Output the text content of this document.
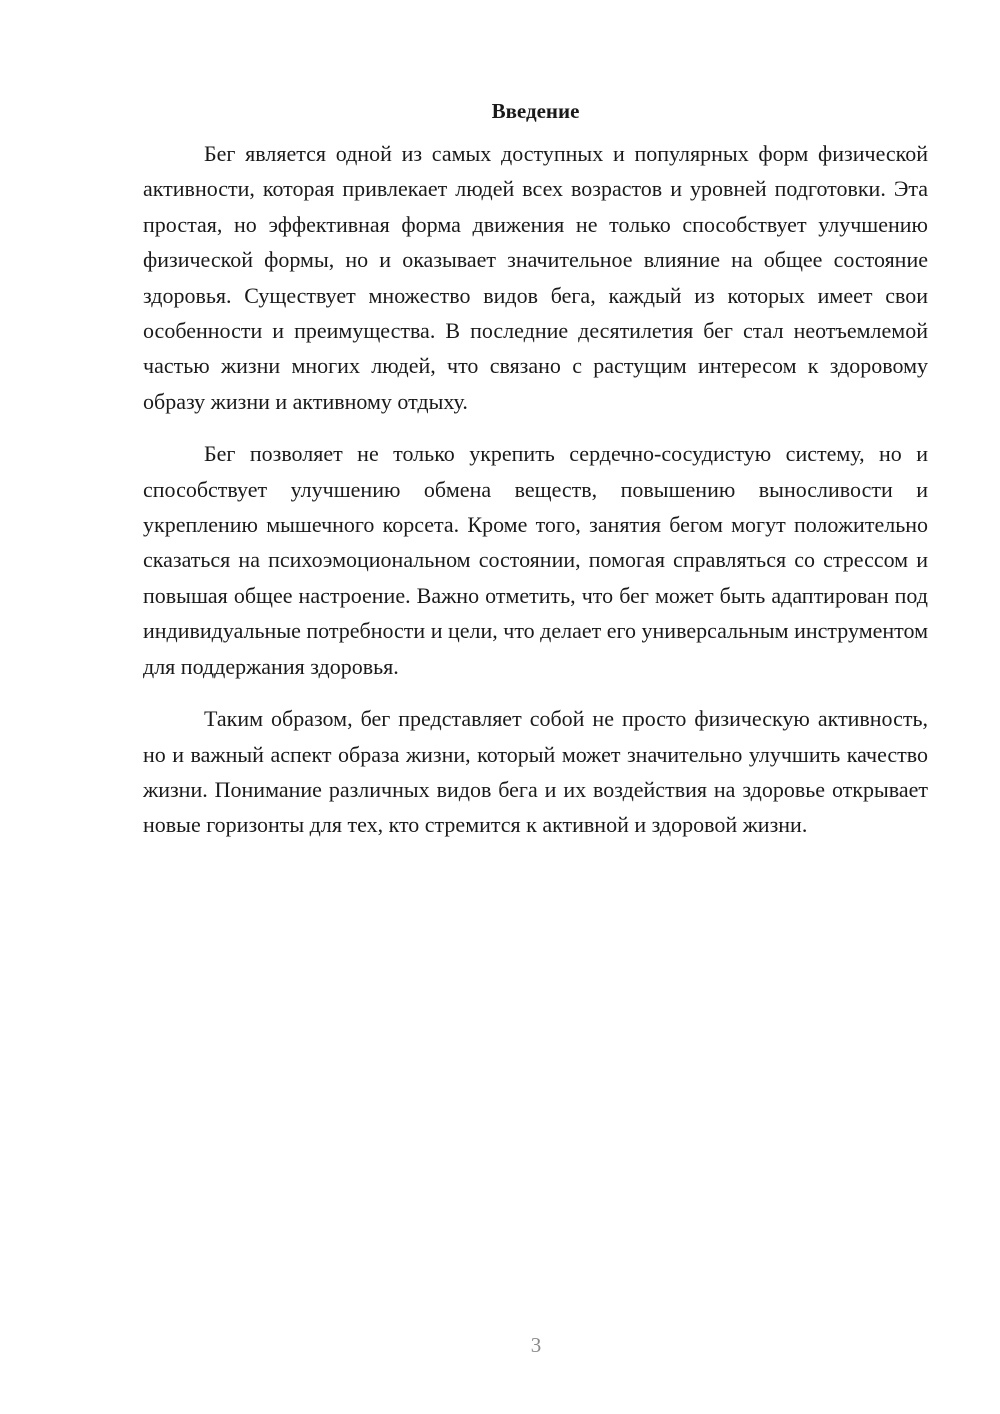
Введение

Бег является одной из самых доступных и популярных форм физической активности, которая привлекает людей всех возрастов и уровней подготовки. Эта простая, но эффективная форма движения не только способствует улучшению физической формы, но и оказывает значительное влияние на общее состояние здоровья. Существует множество видов бега, каждый из которых имеет свои особенности и преимущества. В последние десятилетия бег стал неотъемлемой частью жизни многих людей, что связано с растущим интересом к здоровому образу жизни и активному отдыху.

Бег позволяет не только укрепить сердечно-сосудистую систему, но и способствует улучшению обмена веществ, повышению выносливости и укреплению мышечного корсета. Кроме того, занятия бегом могут положительно сказаться на психоэмоциональном состоянии, помогая справляться со стрессом и повышая общее настроение. Важно отметить, что бег может быть адаптирован под индивидуальные потребности и цели, что делает его универсальным инструментом для поддержания здоровья.

Таким образом, бег представляет собой не просто физическую активность, но и важный аспект образа жизни, который может значительно улучшить качество жизни. Понимание различных видов бега и их воздействия на здоровье открывает новые горизонты для тех, кто стремится к активной и здоровой жизни.

3
